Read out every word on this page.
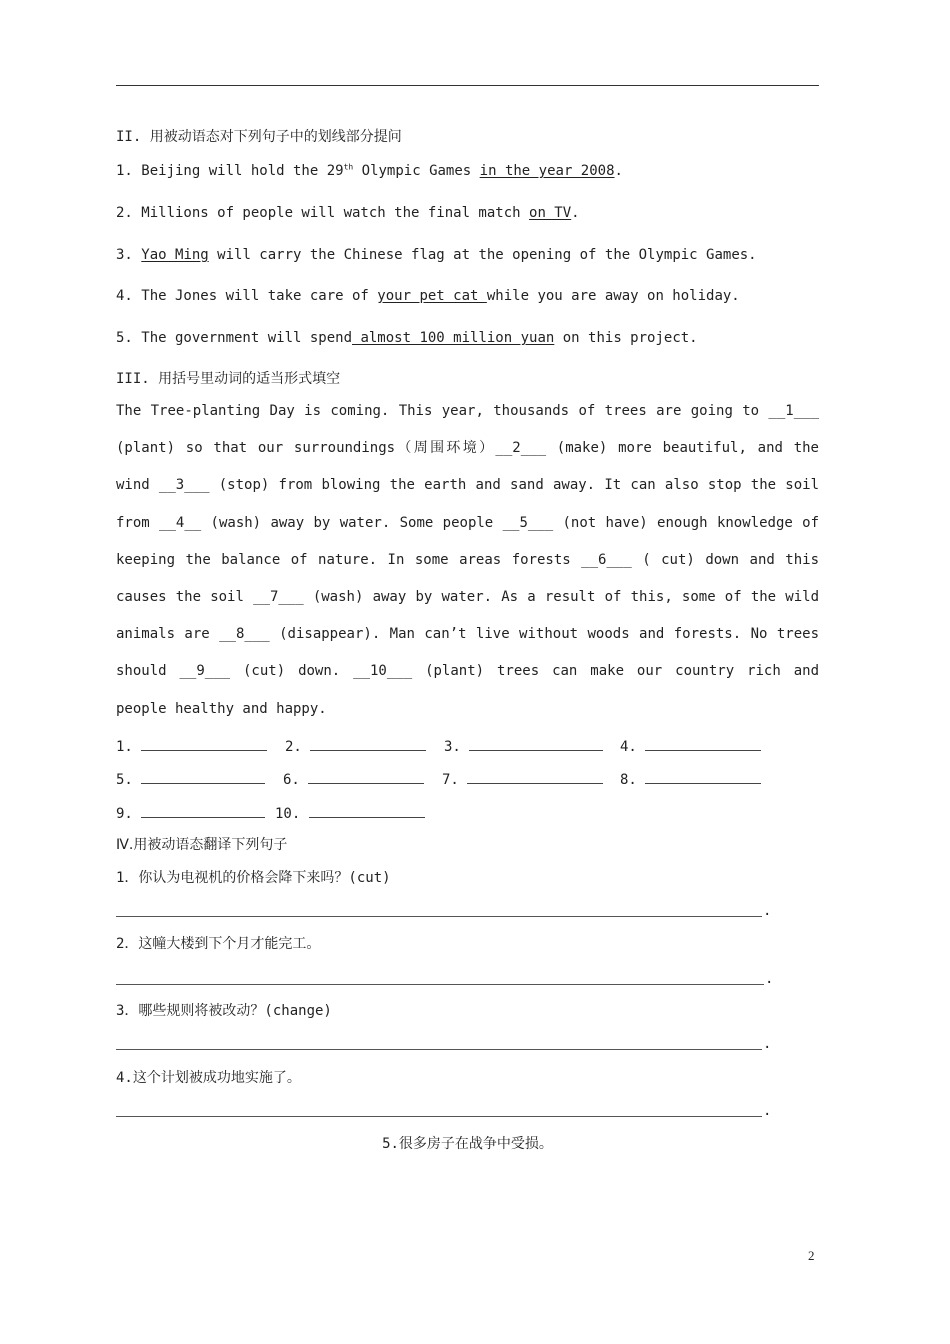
II. 用被动语态对下列句子中的划线部分提问
1. Beijing will hold the 29th Olympic Games in the year 2008.
2. Millions of people will watch the final match on TV.
3. Yao Ming will carry the Chinese flag at the opening of the Olympic Games.
4. The Jones will take care of your pet cat while you are away on holiday.
5. The government will spend almost 100 million yuan on this project.
III. 用括号里动词的适当形式填空
The Tree-planting Day is coming. This year, thousands of trees are going to __1___ (plant) so that our surroundings（周围环境）__2___ (make) more beautiful, and the wind __3___ (stop) from blowing the earth and sand away. It can also stop the soil from __4__ (wash) away by water. Some people __5___ (not have) enough knowledge of keeping the balance of nature. In some areas forests __6___ ( cut) down and this causes the soil __7___ (wash) away by water. As a result of this, some of the wild animals are __8___ (disappear). Man can’t live without woods and forests. No trees should __9___ (cut) down. __10___ (plant) trees can make our country rich and people healthy and happy.
1.	2.	3.	4.
5.	6.	7.	8.
9.	10.
Ⅳ.用被动语态翻译下列句子
1．你认为电视机的价格会降下来吗？(cut)
.
2．这幢大楼到下个月才能完工。
.
3．哪些规则将被改动？(change)
.
4.这个计划被成功地实施了。
.
5.很多房子在战争中受损。
2
